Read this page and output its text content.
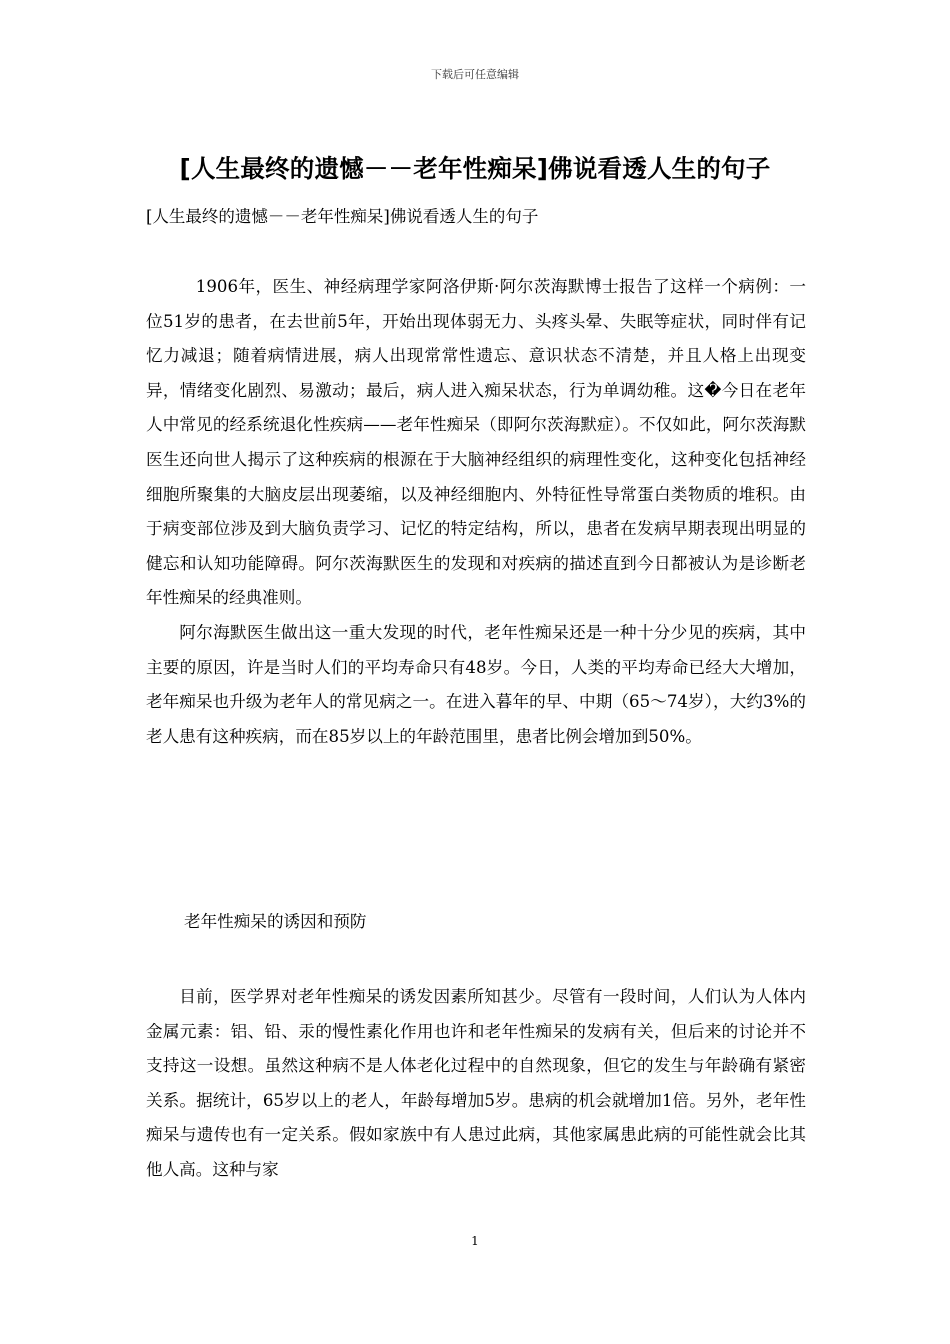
下载后可任意编辑
[人生最终的遗憾－－老年性痴呆]佛说看透人生的句子

[人生最终的遗憾－－老年性痴呆]佛说看透人生的句子

1906年，医生、神经病理学家阿洛伊斯·阿尔茨海默博士报告了这样一个病例：一位51岁的患者，在去世前5年，开始出现体弱无力、头疼头晕、失眠等症状，同时伴有记忆力减退；随着病情进展，病人出现常常性遗忘、意识状态不清楚，并且人格上出现变异，情绪变化剧烈、易激动；最后，病人进入痴呆状态，行为单调幼稚。这�今日在老年人中常见的经系统退化性疾病——老年性痴呆（即阿尔茨海默症）。不仅如此，阿尔茨海默医生还向世人揭示了这种疾病的根源在于大脑神经组织的病理性变化，这种变化包括神经细胞所聚集的大脑皮层出现萎缩，以及神经细胞内、外特征性导常蛋白类物质的堆积。由于病变部位涉及到大脑负责学习、记忆的特定结构，所以，患者在发病早期表现出明显的健忘和认知功能障碍。阿尔茨海默医生的发现和对疾病的描述直到今日都被认为是诊断老年性痴呆的经典准则。

阿尔海默医生做出这一重大发现的时代，老年性痴呆还是一种十分少见的疾病，其中主要的原因，许是当时人们的平均寿命只有48岁。今日，人类的平均寿命已经大大增加，老年痴呆也升级为老年人的常见病之一。在进入暮年的早、中期（65～74岁），大约3%的老人患有这种疾病，而在85岁以上的年龄范围里，患者比例会增加到50%。

老年性痴呆的诱因和预防

目前，医学界对老年性痴呆的诱发因素所知甚少。尽管有一段时间，人们认为人体内金属元素：铝、铅、汞的慢性素化作用也许和老年性痴呆的发病有关，但后来的讨论并不支持这一设想。虽然这种病不是人体老化过程中的自然现象，但它的发生与年龄确有紧密关系。据统计，65岁以上的老人，年龄每增加5岁。患病的机会就增加1倍。另外，老年性痴呆与遗传也有一定关系。假如家族中有人患过此病，其他家属患此病的可能性就会比其他人高。这种与家

1
